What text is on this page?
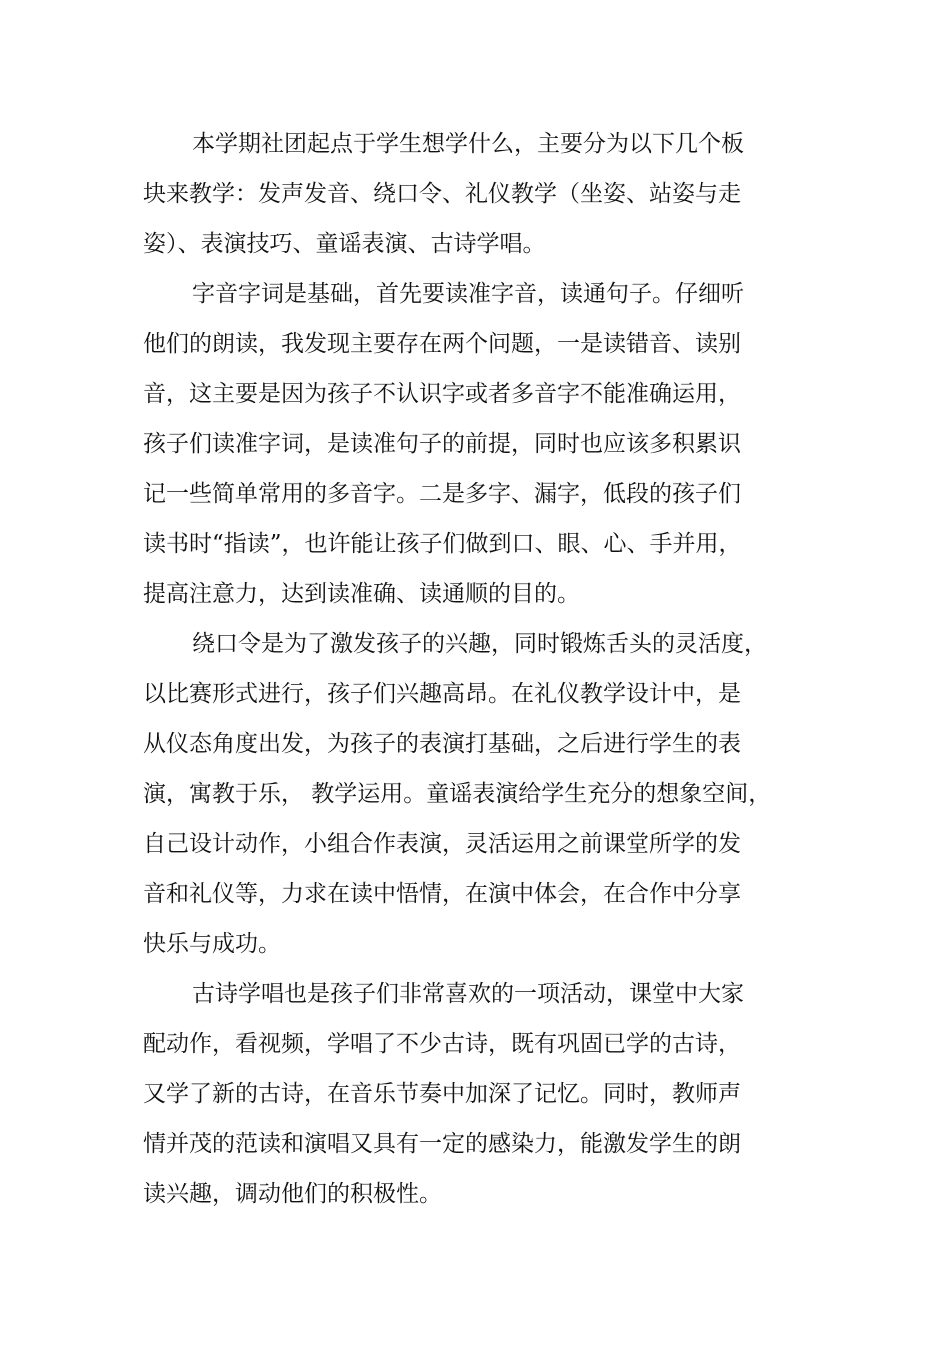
本学期社团起点于学生想学什么，主要分为以下几个板
块来教学：发声发音、绕口令、礼仪教学（坐姿、站姿与走
姿）、表演技巧、童谣表演、古诗学唱。
字音字词是基础，首先要读准字音，读通句子。仔细听
他们的朗读，我发现主要存在两个问题，一是读错音、读别
音，这主要是因为孩子不认识字或者多音字不能准确运用，
孩子们读准字词，是读准句子的前提，同时也应该多积累识
记一些简单常用的多音字。二是多字、漏字，低段的孩子们
读书时“指读”，也许能让孩子们做到口、眼、心、手并用，
提高注意力，达到读准确、读通顺的目的。
绕口令是为了激发孩子的兴趣，同时锻炼舌头的灵活度，
以比赛形式进行，孩子们兴趣高昂。在礼仪教学设计中，是
从仪态角度出发，为孩子的表演打基础，之后进行学生的表
演，寓教于乐， 教学运用。童谣表演给学生充分的想象空间，
自己设计动作，小组合作表演，灵活运用之前课堂所学的发
音和礼仪等，力求在读中悟情，在演中体会，在合作中分享
快乐与成功。
古诗学唱也是孩子们非常喜欢的一项活动，课堂中大家
配动作，看视频，学唱了不少古诗，既有巩固已学的古诗，
又学了新的古诗，在音乐节奏中加深了记忆。同时，教师声
情并茂的范读和演唱又具有一定的感染力，能激发学生的朗
读兴趣，调动他们的积极性。
